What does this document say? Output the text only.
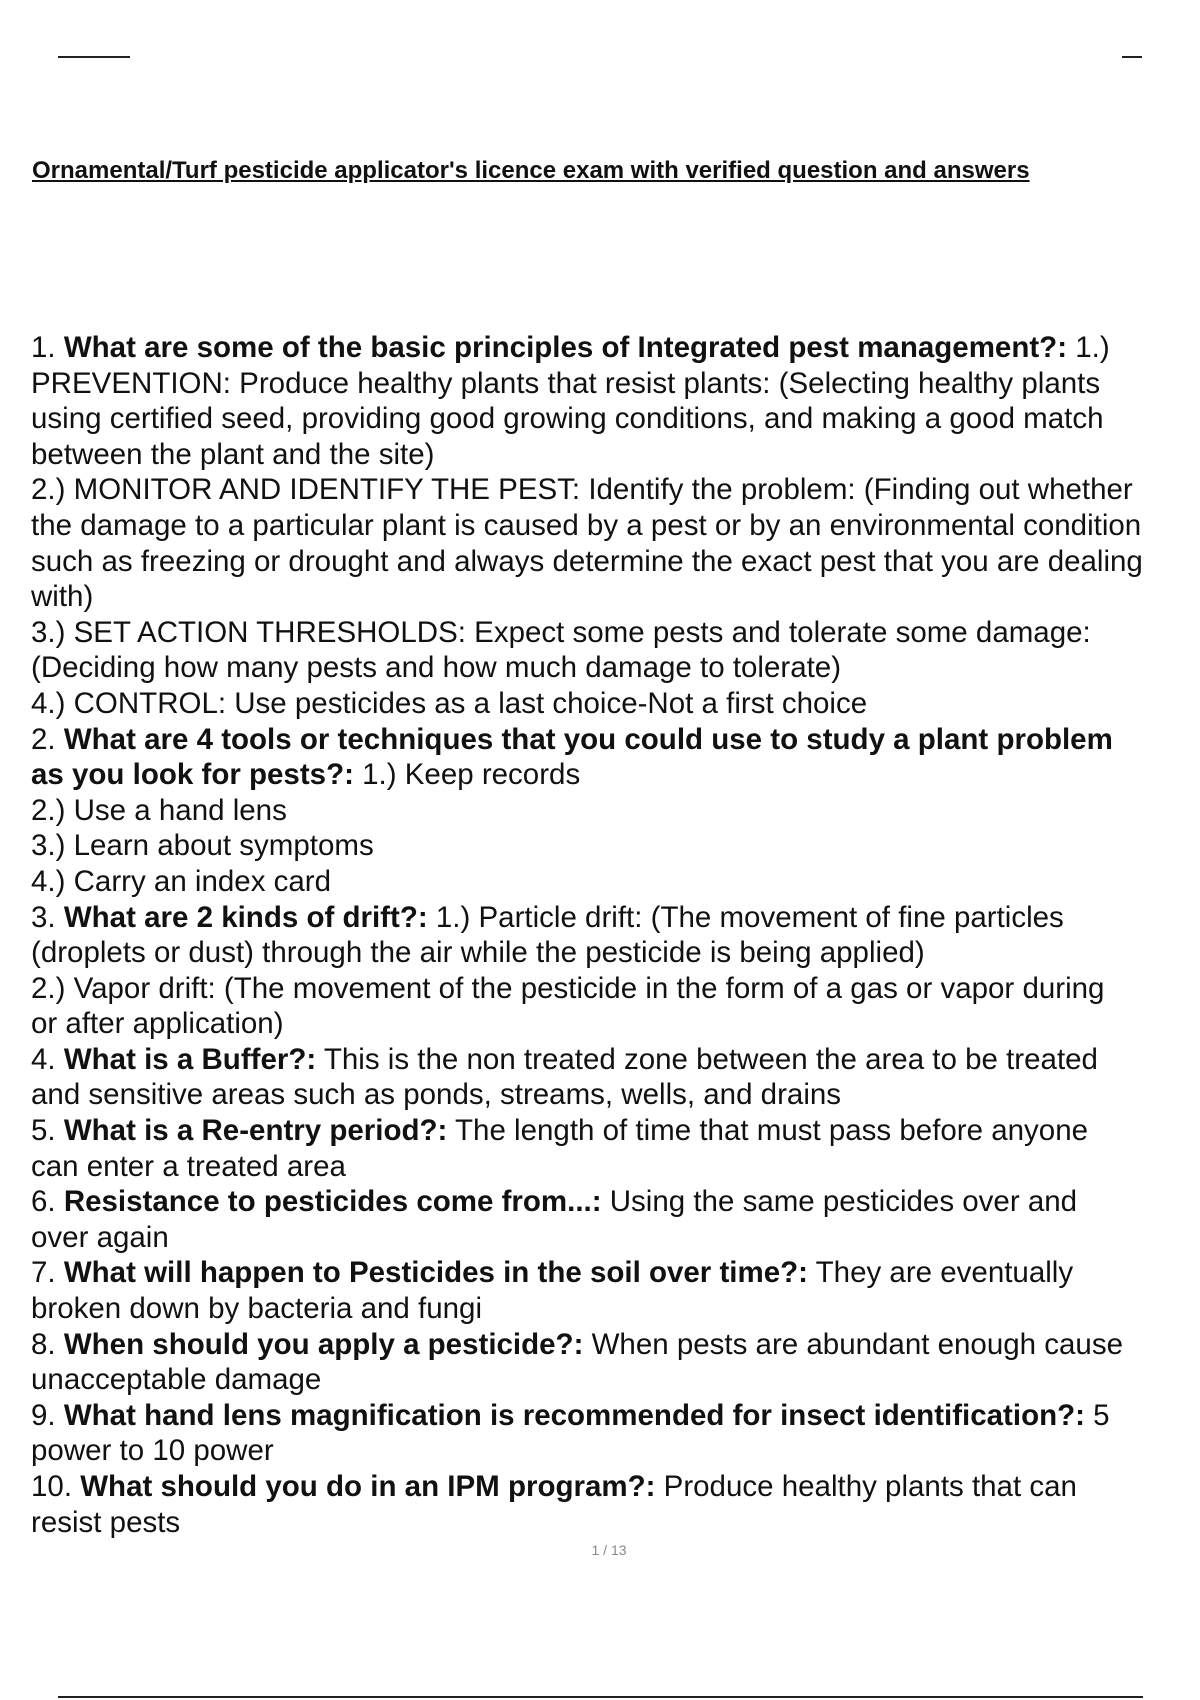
Ornamental/Turf pesticide applicator's licence exam with verified question and answers
1. What are some of the basic principles of Integrated pest management?: 1.)
PREVENTION: Produce healthy plants that resist plants: (Selecting healthy plants
using certified seed, providing good growing conditions, and making a good match
between the plant and the site)
2.) MONITOR AND IDENTIFY THE PEST: Identify the problem: (Finding out whether
the damage to a particular plant is caused by a pest or by an environmental condition
such as freezing or drought and always determine the exact pest that you are dealing
with)
3.) SET ACTION THRESHOLDS: Expect some pests and tolerate some damage:
(Deciding how many pests and how much damage to tolerate)
4.) CONTROL: Use pesticides as a last choice-Not a first choice
2. What are 4 tools or techniques that you could use to study a plant problem
as you look for pests?: 1.) Keep records
2.) Use a hand lens
3.) Learn about symptoms
4.) Carry an index card
3. What are 2 kinds of drift?: 1.) Particle drift: (The movement of fine particles
(droplets or dust) through the air while the pesticide is being applied)
2.) Vapor drift: (The movement of the pesticide in the form of a gas or vapor during
or after application)
4. What is a Buffer?: This is the non treated zone between the area to be treated
and sensitive areas such as ponds, streams, wells, and drains
5. What is a Re-entry period?: The length of time that must pass before anyone
can enter a treated area
6. Resistance to pesticides come from...: Using the same pesticides over and
over again
7. What will happen to Pesticides in the soil over time?: They are eventually
broken down by bacteria and fungi
8. When should you apply a pesticide?: When pests are abundant enough cause
unacceptable damage
9. What hand lens magnification is recommended for insect identification?: 5
power to 10 power
10. What should you do in an IPM program?: Produce healthy plants that can
resist pests
1 / 13
